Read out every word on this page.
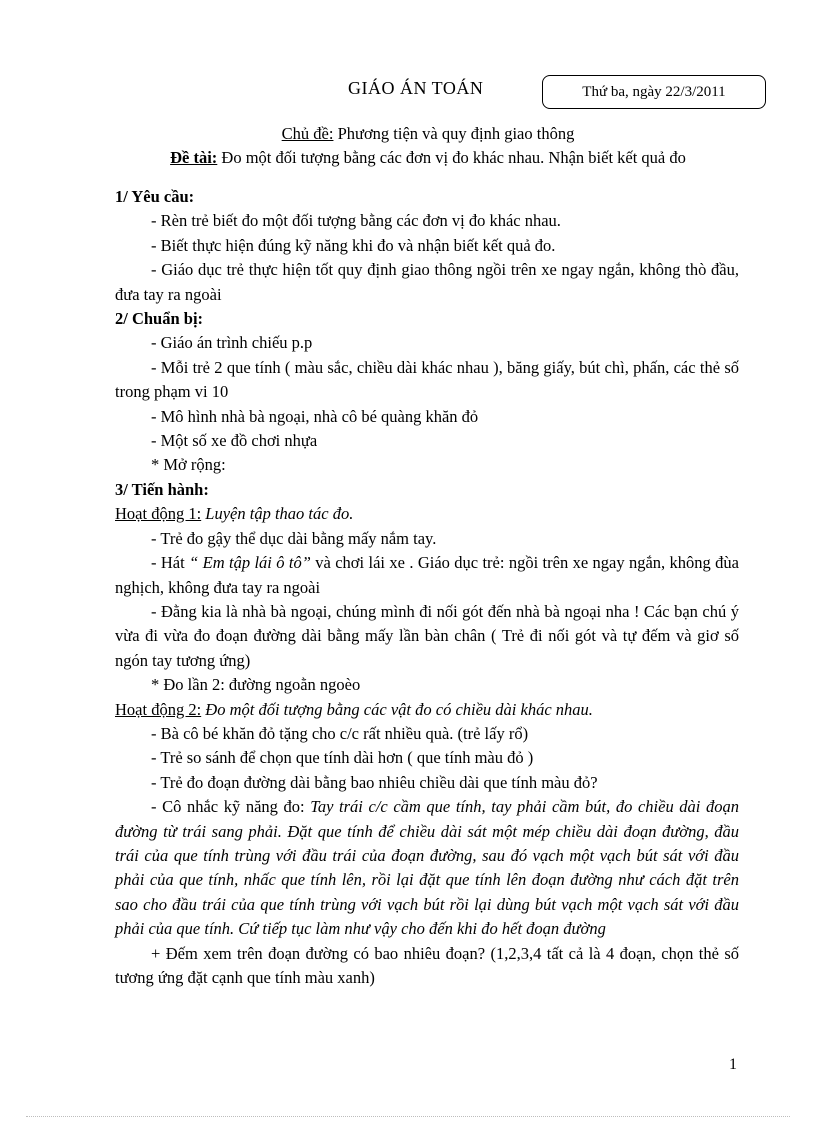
GIÁO ÁN TOÁN	Thứ ba, ngày 22/3/2011
Chủ đề: Phương tiện và quy định giao thông
Đề tài: Đo một đối tượng bằng các đơn vị đo khác nhau. Nhận biết kết quả đo

1/ Yêu cầu:

- Rèn trẻ biết đo một đối tượng bằng các đơn vị đo khác nhau.

- Biết thực hiện đúng kỹ năng khi đo và nhận biết kết quả đo.

- Giáo dục trẻ thực hiện tốt quy định giao thông ngồi trên xe ngay ngắn, không thò đầu, đưa tay ra ngoài

2/ Chuẩn bị:

- Giáo án trình chiếu p.p

- Mỗi trẻ 2 que tính ( màu sắc, chiều dài khác nhau ), băng giấy, bút chì, phấn, các thẻ số trong phạm vi 10

- Mô hình nhà bà ngoại, nhà cô bé quàng khăn đỏ

- Một số xe đồ chơi nhựa

* Mở rộng:

3/ Tiến hành:

Hoạt động 1: Luyện tập thao tác đo.

- Trẻ đo gậy thể dục dài bằng mấy nắm tay.

- Hát “ Em tập lái ô tô” và chơi lái xe . Giáo dục trẻ: ngồi trên xe ngay ngắn, không đùa nghịch, không đưa tay ra ngoài

- Đằng kia là nhà bà ngoại, chúng mình đi nối gót đến nhà bà ngoại nha ! Các bạn chú ý vừa đi vừa đo đoạn đường dài bằng mấy lần bàn chân ( Trẻ đi nối gót và tự đếm và giơ số ngón tay tương ứng)

* Đo lần 2: đường ngoằn ngoèo

Hoạt động 2: Đo một đối tượng bằng các vật đo có chiều dài khác nhau.

- Bà cô bé khăn đỏ tặng cho c/c rất nhiều quà. (trẻ lấy rổ)

- Trẻ so sánh để chọn que tính dài hơn ( que tính màu đỏ )

- Trẻ đo đoạn đường dài bằng bao nhiêu chiều dài que tính màu đỏ?

- Cô nhắc kỹ năng đo: Tay trái c/c cầm que tính, tay phải cầm bút, đo chiều dài đoạn đường từ trái sang phải. Đặt que tính để chiều dài sát một mép chiều dài đoạn đường, đầu trái của que tính trùng với đầu trái của đoạn đường, sau đó vạch một vạch bút sát với đầu phải của que tính, nhấc que tính lên, rồi lại đặt que tính lên đoạn đường như cách đặt trên sao cho đầu trái của que tính trùng với vạch bút rồi lại dùng bút vạch một vạch sát với đầu phải của que tính. Cứ tiếp tục làm như vậy cho đến khi đo hết đoạn đường

+ Đếm xem trên đoạn đường có bao nhiêu đoạn? (1,2,3,4 tất cả là 4 đoạn, chọn thẻ số tương ứng đặt cạnh que tính màu xanh)

1
